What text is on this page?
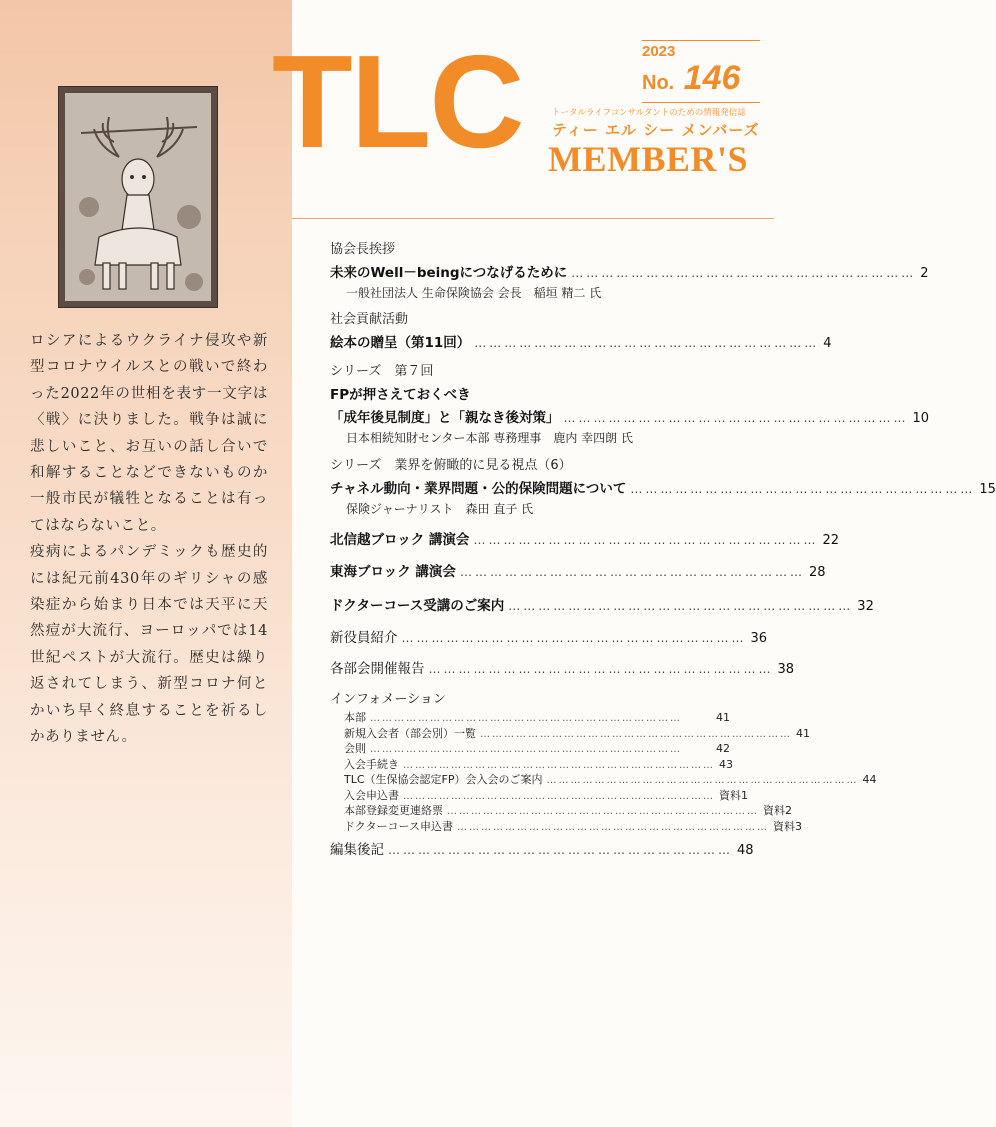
ロシアによるウクライナ侵攻や新型コロナウイルスとの戦いで終わった2022年の世相を表す一文字は〈戦〉に決りました。戦争は誠に悲しいこと、お互いの話し合いで和解することなどできないものか一般市民が犠牲となることは有ってはならないこと。

疫病によるパンデミックも歴史的には紀元前430年のギリシャの感染症から始まり日本では天平に天然痘が大流行、ヨーロッパでは14世紀ペストが大流行。歴史は繰り返されてしまう、新型コロナ何とかいち早く終息することを祈るしかありません。

TLC	2023
No. 146
トータルライフコンサルタントのための情報発信誌
ティー エル シー メンバーズ
MEMBER'S
協会長挨拶
未来のWell－beingにつなげるために …………………………………………………………… 2
一般社団法人 生命保険協会 会長　稲垣 精二 氏
社会貢献活動
絵本の贈呈（第11回） …………………………………………………………… 4
シリーズ　第７回
FPが押さえておくべき
「成年後見制度」と「親なき後対策」 …………………………………………………………… 10
日本相続知財センター本部 専務理事　鹿内 幸四朗 氏
シリーズ　業界を俯瞰的に見る視点（6）
チャネル動向・業界問題・公的保険問題について …………………………………………………………… 15
保険ジャーナリスト　森田 直子 氏
北信越ブロック 講演会 …………………………………………………………… 22
東海ブロック 講演会 …………………………………………………………… 28
ドクターコース受講のご案内 …………………………………………………………… 32
新役員紹介 …………………………………………………………… 36
各部会開催報告 …………………………………………………………… 38
インフォメーション
本部 ……………………………………………………………………	41
新規入会者（部会別）一覧 …………………………………………………………………… 41
会則 ……………………………………………………………………	42
入会手続き …………………………………………………………………… 43
TLC（生保協会認定FP）会入会のご案内 …………………………………………………………………… 44
入会申込書 …………………………………………………………………… 資料1
本部登録変更連絡票 …………………………………………………………………… 資料2
ドクターコース申込書 …………………………………………………………………… 資料3
編集後記 …………………………………………………………… 48
